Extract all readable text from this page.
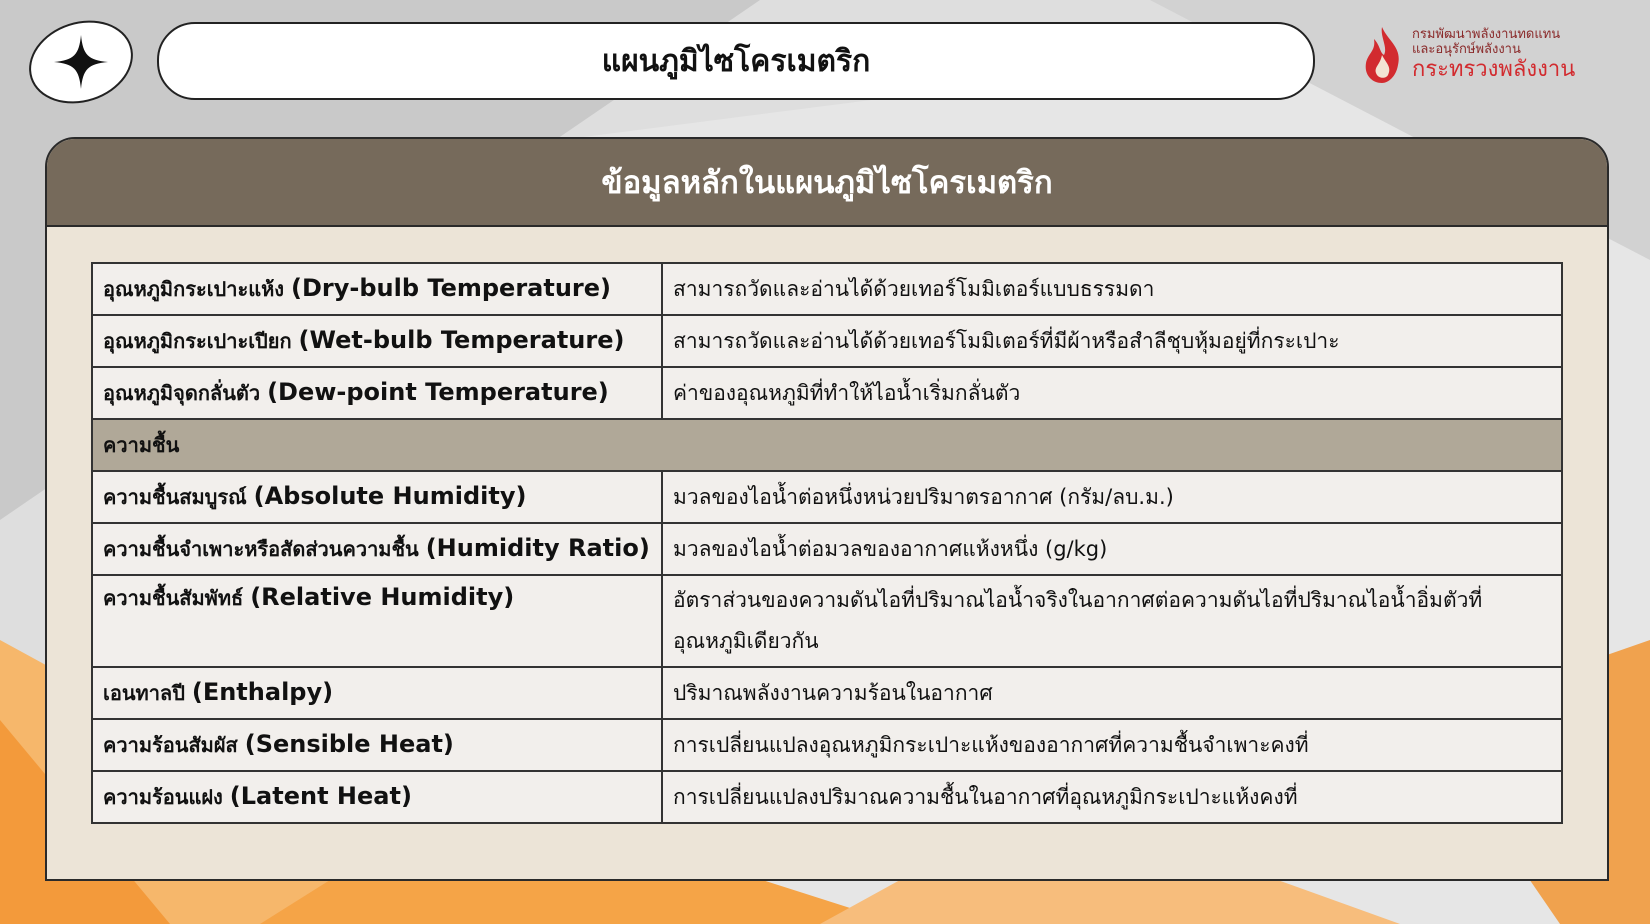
แผนภูมิไซโครเมตริก
กรมพัฒนาพลังงานทดแทน
และอนุรักษ์พลังงาน
กระทรวงพลังงาน
ข้อมูลหลักในแผนภูมิไซโครเมตริก
อุณหภูมิกระเปาะแห้ง (Dry-bulb Temperature)	สามารถวัดและอ่านได้ด้วยเทอร์โมมิเตอร์แบบธรรมดา
อุณหภูมิกระเปาะเปียก (Wet-bulb Temperature)	สามารถวัดและอ่านได้ด้วยเทอร์โมมิเตอร์ที่มีผ้าหรือสำลีชุบหุ้มอยู่ที่กระเปาะ
อุณหภูมิจุดกลั่นตัว (Dew-point Temperature)	ค่าของอุณหภูมิที่ทำให้ไอน้ำเริ่มกลั่นตัว
ความชื้น	
ความชื้นสมบูรณ์ (Absolute Humidity)	มวลของไอน้ำต่อหนึ่งหน่วยปริมาตรอากาศ (กรัม/ลบ.ม.)
ความชื้นจำเพาะหรือสัดส่วนความชื้น (Humidity Ratio)	มวลของไอน้ำต่อมวลของอากาศแห้งหนึ่ง (g/kg)
ความชื้นสัมพัทธ์ (Relative Humidity)	อัตราส่วนของความดันไอที่ปริมาณไอน้ำจริงในอากาศต่อความดันไอที่ปริมาณไอน้ำอิ่มตัวที่อุณหภูมิเดียวกัน
เอนทาลปี (Enthalpy)	ปริมาณพลังงานความร้อนในอากาศ
ความร้อนสัมผัส (Sensible Heat)	การเปลี่ยนแปลงอุณหภูมิกระเปาะแห้งของอากาศที่ความชื้นจำเพาะคงที่
ความร้อนแฝง (Latent Heat)	การเปลี่ยนแปลงปริมาณความชื้นในอากาศที่อุณหภูมิกระเปาะแห้งคงที่
